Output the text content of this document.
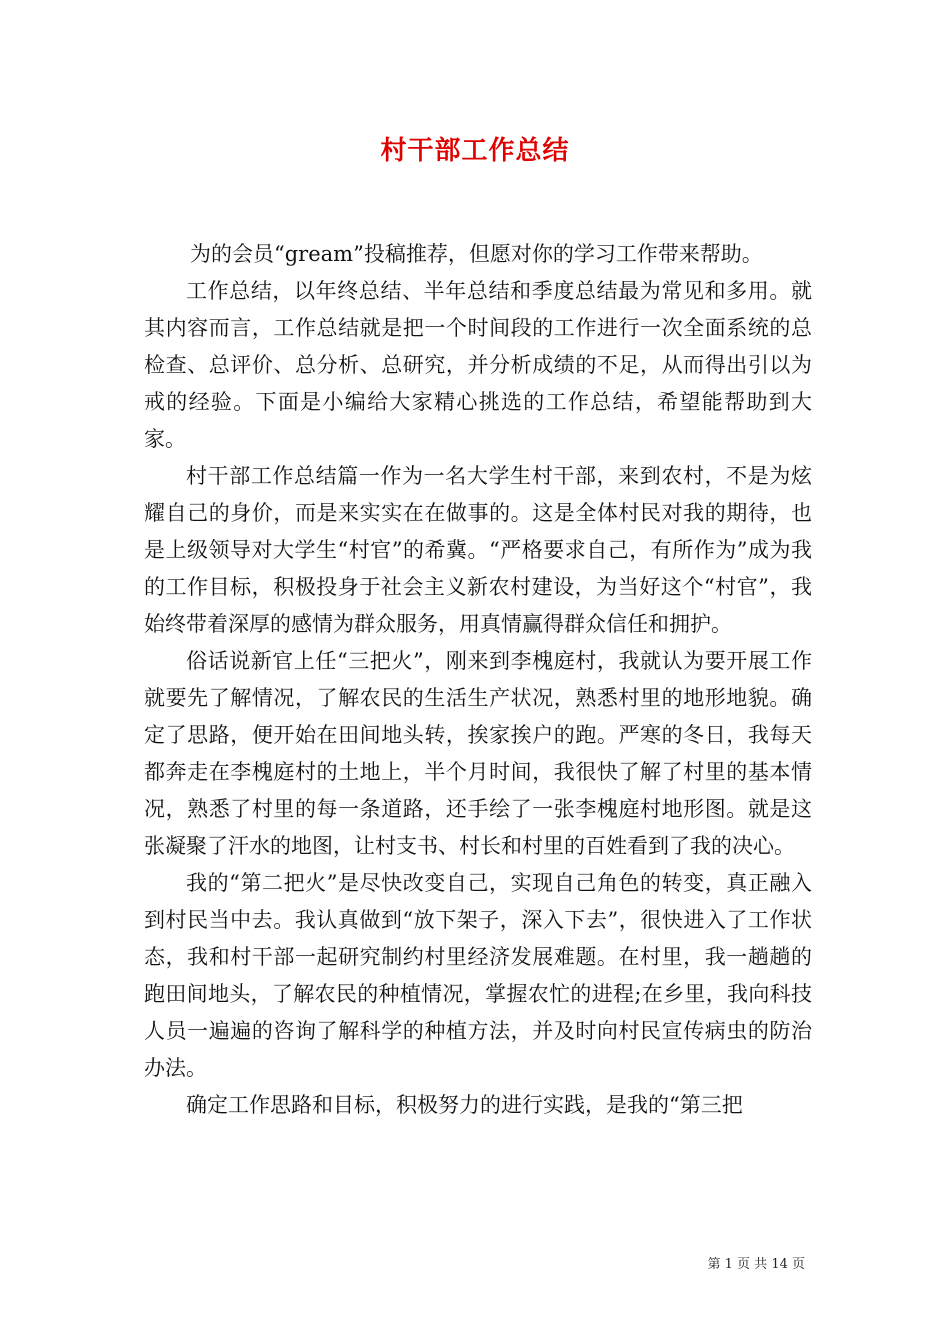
村干部工作总结

为的会员“gream”投稿推荐，但愿对你的学习工作带来帮助。

工作总结，以年终总结、半年总结和季度总结最为常见和多用。就其内容而言，工作总结就是把一个时间段的工作进行一次全面系统的总检查、总评价、总分析、总研究，并分析成绩的不足，从而得出引以为戒的经验。下面是小编给大家精心挑选的工作总结，希望能帮助到大家。

村干部工作总结篇一作为一名大学生村干部，来到农村，不是为炫耀自己的身价，而是来实实在在做事的。这是全体村民对我的期待，也是上级领导对大学生“村官”的希冀。“严格要求自己，有所作为”成为我的工作目标，积极投身于社会主义新农村建设，为当好这个“村官”，我始终带着深厚的感情为群众服务，用真情赢得群众信任和拥护。

俗话说新官上任“三把火”，刚来到李槐庭村，我就认为要开展工作就要先了解情况，了解农民的生活生产状况，熟悉村里的地形地貌。确定了思路，便开始在田间地头转，挨家挨户的跑。严寒的冬日，我每天都奔走在李槐庭村的土地上，半个月时间，我很快了解了村里的基本情况，熟悉了村里的每一条道路，还手绘了一张李槐庭村地形图。就是这张凝聚了汗水的地图，让村支书、村长和村里的百姓看到了我的决心。

我的“第二把火”是尽快改变自己，实现自己角色的转变，真正融入到村民当中去。我认真做到“放下架子，深入下去”，很快进入了工作状态，我和村干部一起研究制约村里经济发展难题。在村里，我一趟趟的跑田间地头，了解农民的种植情况，掌握农忙的进程;在乡里，我向科技人员一遍遍的咨询了解科学的种植方法，并及时向村民宣传病虫的防治办法。

确定工作思路和目标，积极努力的进行实践，是我的“第三把

第 1 页 共 14 页
